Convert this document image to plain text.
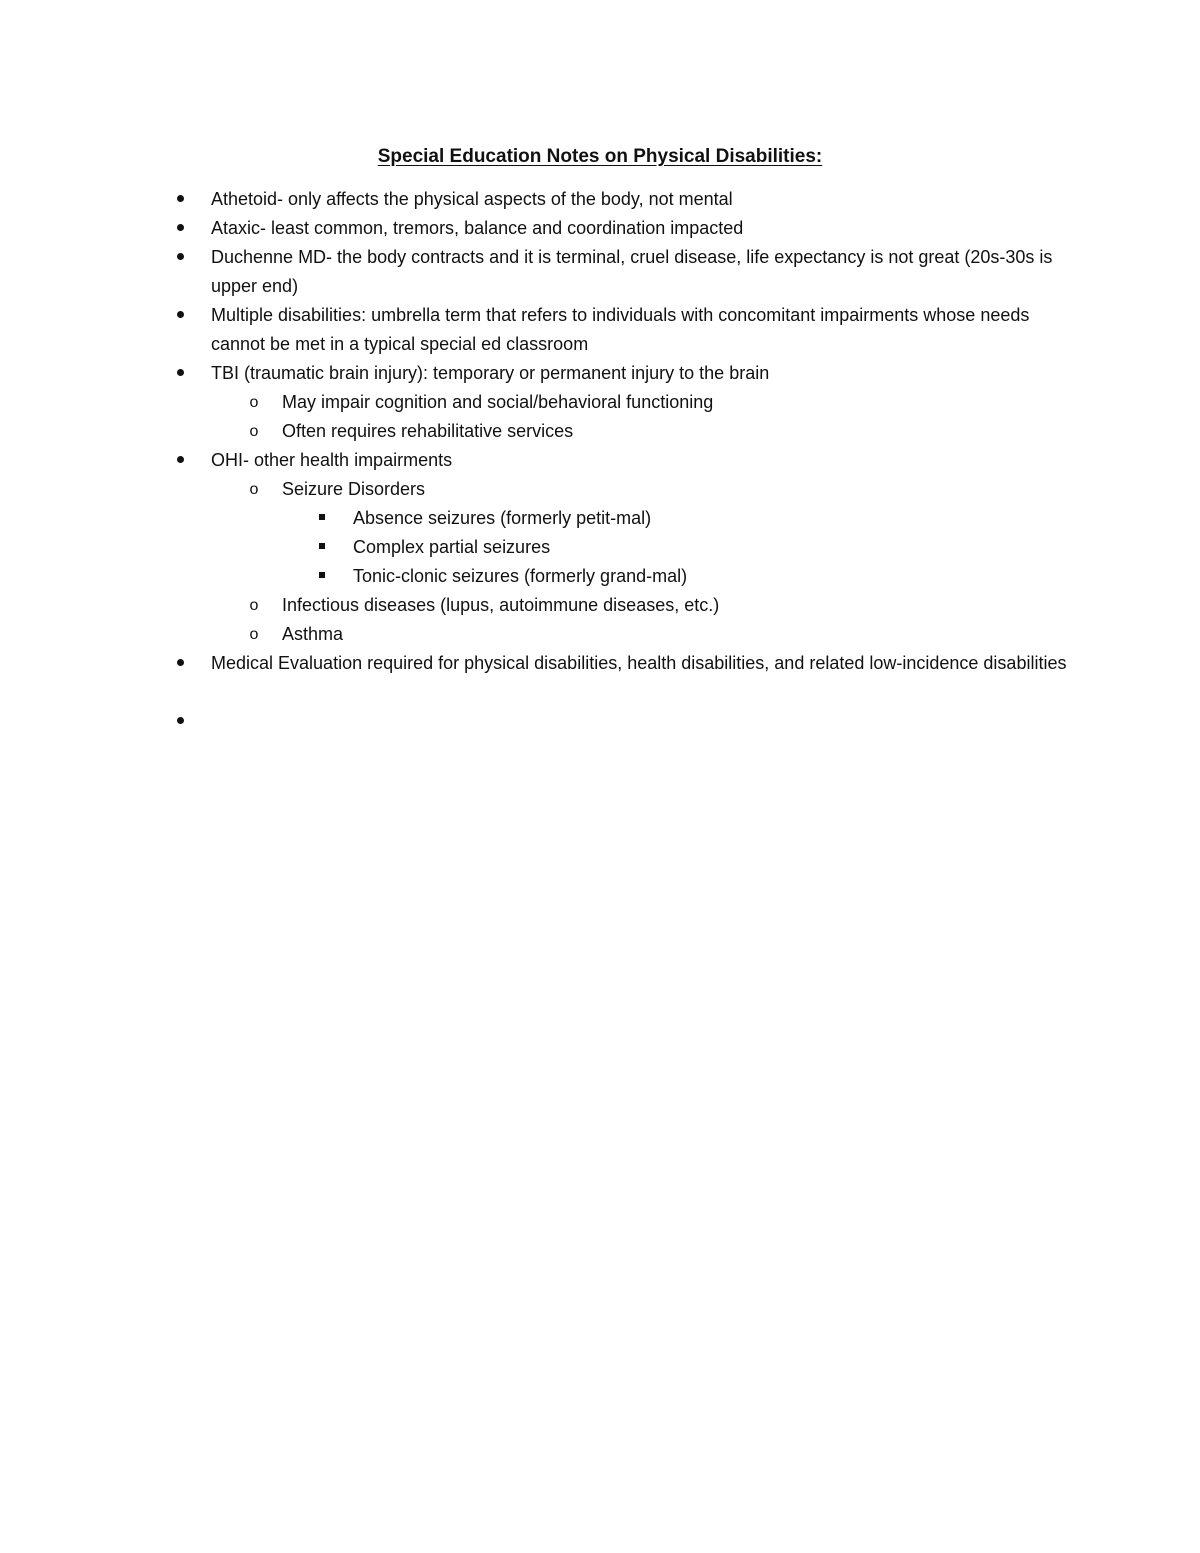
Special Education Notes on Physical Disabilities:
Athetoid- only affects the physical aspects of the body, not mental
Ataxic- least common, tremors, balance and coordination impacted
Duchenne MD- the body contracts and it is terminal, cruel disease, life expectancy is not great (20s-30s is upper end)
Multiple disabilities: umbrella term that refers to individuals with concomitant impairments whose needs cannot be met in a typical special ed classroom
TBI (traumatic brain injury): temporary or permanent injury to the brain
o	May impair cognition and social/behavioral functioning
o	Often requires rehabilitative services
OHI- other health impairments
o	Seizure Disorders
Absence seizures (formerly petit-mal)
Complex partial seizures
Tonic-clonic seizures (formerly grand-mal)
o	Infectious diseases (lupus, autoimmune diseases, etc.)
o	Asthma
Medical Evaluation required for physical disabilities, health disabilities, and related low-incidence disabilities
